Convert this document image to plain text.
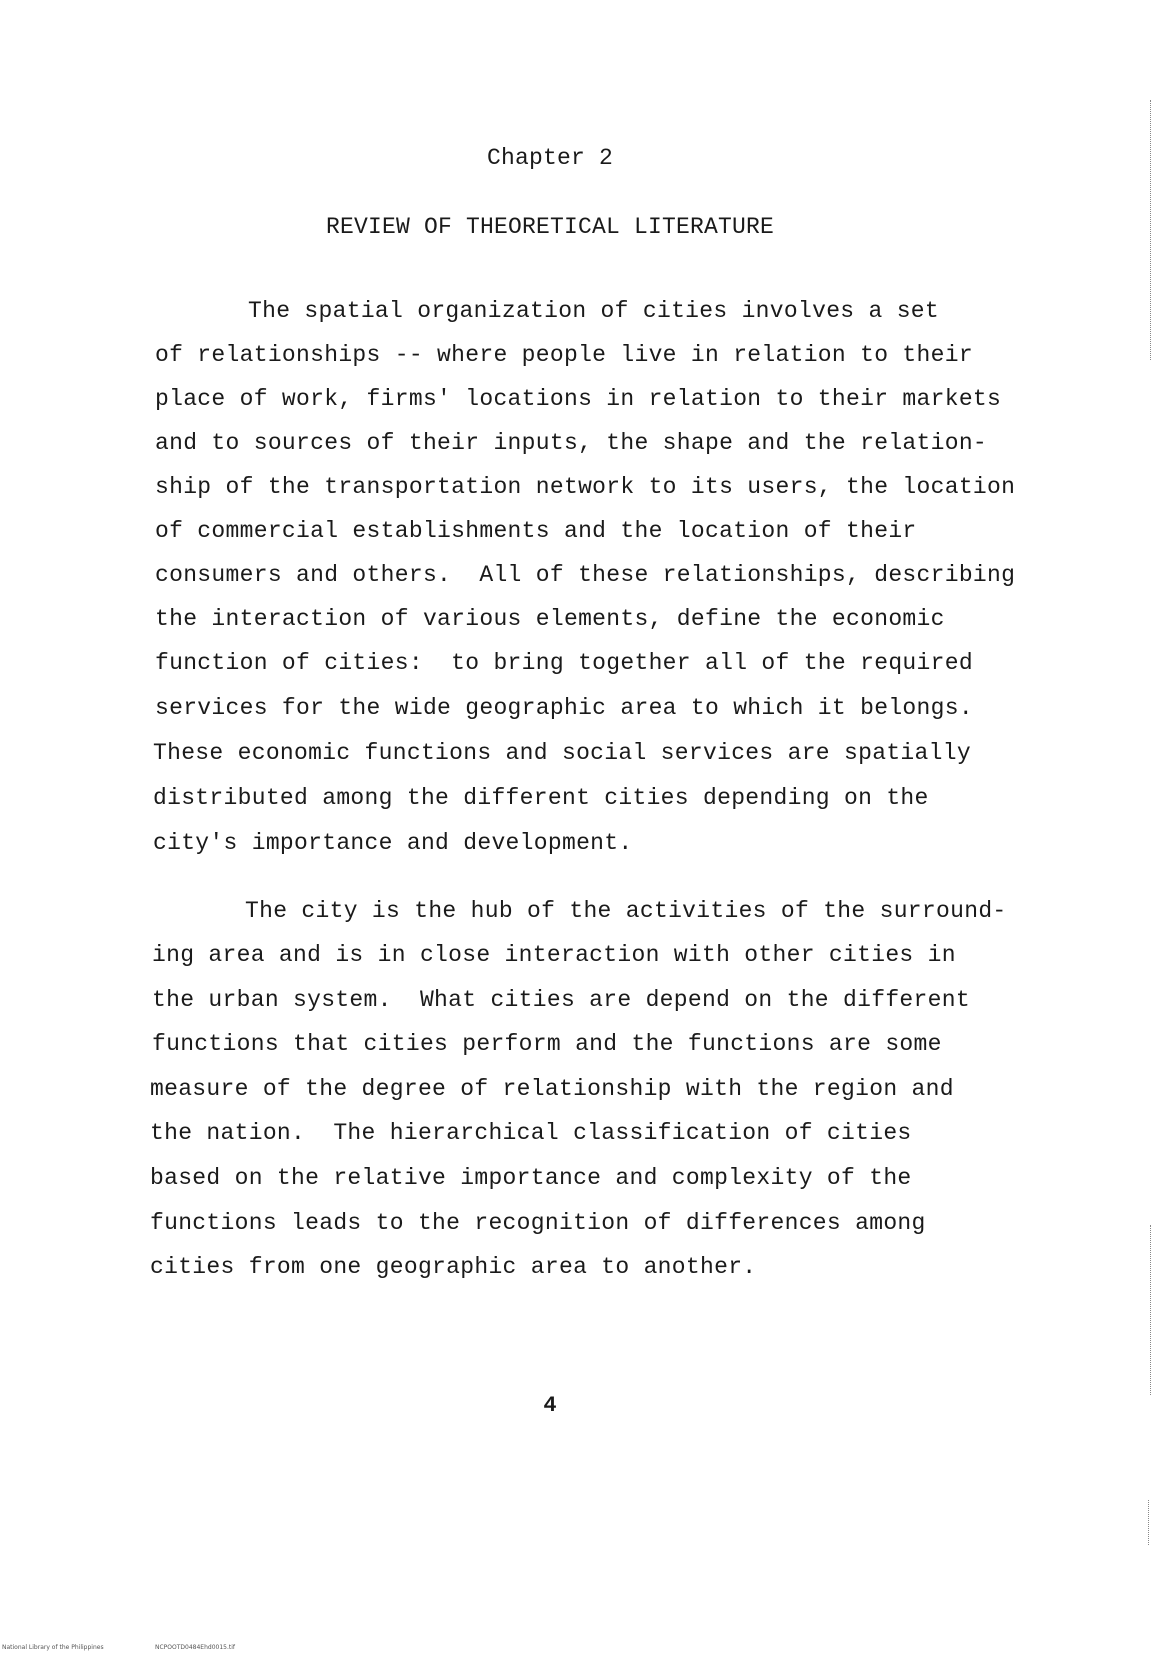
Chapter 2
REVIEW OF THEORETICAL LITERATURE
The spatial organization of cities involves a set
of relationships -- where people live in relation to their
place of work, firms' locations in relation to their markets
and to sources of their inputs, the shape and the relation-
ship of the transportation network to its users, the location
of commercial establishments and the location of their
consumers and others.  All of these relationships, describing
the interaction of various elements, define the economic
function of cities:  to bring together all of the required
services for the wide geographic area to which it belongs.
These economic functions and social services are spatially
distributed among the different cities depending on the
city's importance and development.
The city is the hub of the activities of the surround-
ing area and is in close interaction with other cities in
the urban system.  What cities are depend on the different
functions that cities perform and the functions are some
measure of the degree of relationship with the region and
the nation.  The hierarchical classification of cities
based on the relative importance and complexity of the
functions leads to the recognition of differences among
cities from one geographic area to another.
4
National Library of the Philippines	NCPOOTD0484Ehd0015.tif
